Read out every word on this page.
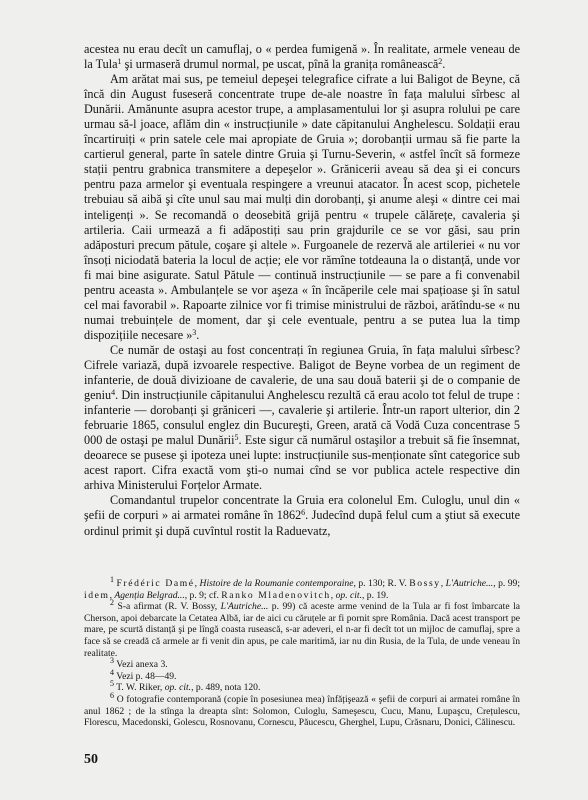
acestea nu erau decît un camuflaj, o « perdea fumigenă ». În realitate, armele veneau de la Tula$^1$ şi urmaseră drumul normal, pe uscat, pînă la granița românească$^2$.

Am arătat mai sus, pe temeiul depeşei telegrafice cifrate a lui Baligot de Beyne, că încă din August fuseseră concentrate trupe de-ale noastre în fața malului sîrbesc al Dunării. Amănunte asupra acestor trupe, a amplasamentului lor şi asupra rolului pe care urmau să-l joace, aflăm din « instrucțiunile » date căpitanului Anghelescu. Soldații erau încartiruiți « prin satele cele mai apropiate de Gruia »; dorobanții urmau să fie parte la cartierul general, parte în satele dintre Gruia şi Turnu-Severin, « astfel încît să formeze stații pentru grabnica transmitere a depeşelor ». Grănicerii aveau să dea şi ei concurs pentru paza armelor şi eventuala respingere a vreunui atacator. În acest scop, pichetele trebuiau să aibă şi cîte unul sau mai mulți din dorobanți, şi anume aleşi « dintre cei mai inteligenți ». Se recomandă o deosebită grijă pentru « trupele călărețe, cavaleria şi artileria. Caii urmează a fi adăpostiți sau prin grajdurile ce se vor găsi, sau prin adăposturi precum pătule, coşare şi altele ». Furgoanele de rezervă ale artileriei « nu vor însoți niciodată bateria la locul de acție; ele vor rămîne totdeauna la o distanță, unde vor fi mai bine asigurate. Satul Pătule — continuă instrucțiunile — se pare a fi convenabil pentru aceasta ». Ambulanțele se vor aşeza « în încăperile cele mai spațioase şi în satul cel mai favorabil ». Rapoarte zilnice vor fi trimise ministrului de război, arătîndu-se « nu numai trebuințele de moment, dar şi cele eventuale, pentru a se putea lua la timp dispozițiile necesare »$^3$.

Ce număr de ostaşi au fost concentrați în regiunea Gruia, în fața malului sîrbesc? Cifrele variază, după izvoarele respective. Baligot de Beyne vorbea de un regiment de infanterie, de două divizioane de cavalerie, de una sau două baterii şi de o companie de geniu$^4$. Din instrucțiunile căpitanului Anghelescu rezultă că erau acolo tot felul de trupe : infanterie — dorobanți şi grăniceri —, cavalerie şi artilerie. Într-un raport ulterior, din 2 februarie 1865, consulul englez din Bucureşti, Green, arată că Vodă Cuza concentrase 5 000 de ostaşi pe malul Dunării$^5$. Este sigur că numărul ostaşilor a trebuit să fie însemnat, deoarece se pusese şi ipoteza unei lupte: instrucțiunile sus-menționate sînt categorice sub acest raport. Cifra exactă vom şti-o numai cînd se vor publica actele respective din arhiva Ministerului Forțelor Armate.

Comandantul trupelor concentrate la Gruia era colonelul Em. Culoglu, unul din « şefii de corpuri » ai armatei române în 1862$^6$. Judecînd după felul cum a ştiut să execute ordinul primit şi după cuvîntul rostit la Raduevatz,

$^1$ Frédéric Damé, Histoire de la Roumanie contemporaine, p. 130; R. V. Bossy, L'Autriche..., p. 99; idem, Agenția Belgrad..., p. 9; cf. Ranko Mladenovitch, op. cit., p. 19.

$^2$ S-a afirmat (R. V. Bossy, L'Autriche... p. 99) că aceste arme venind de la Tula ar fi fost îmbarcate la Cherson, apoi debarcate la Cetatea Albă, iar de aici cu căruțele ar fi pornit spre România. Dacă acest transport pe mare, pe scurtă distanță şi pe lîngă coasta rusească, s-ar adeveri, el n-ar fi decît tot un mijloc de camuflaj, spre a face să se creadă că armele ar fi venit din apus, pe cale maritimă, iar nu din Rusia, de la Tula, de unde veneau în realitate.

$^3$ Vezi anexa 3.

$^4$ Vezi p. 48—49.

$^5$ T. W. Riker, op. cit., p. 489, nota 120.

$^6$ O fotografie contemporană (copie în posesiunea mea) înfățişează « şefii de corpuri ai armatei române în anul 1862 ; de la stînga la dreapta sînt: Solomon, Culoglu, Sameşescu, Cucu, Manu, Lupaşcu, Crețulescu, Florescu, Macedonski, Golescu, Rosnovanu, Cornescu, Păucescu, Gherghel, Lupu, Crăsnaru, Donici, Călinescu.

50
